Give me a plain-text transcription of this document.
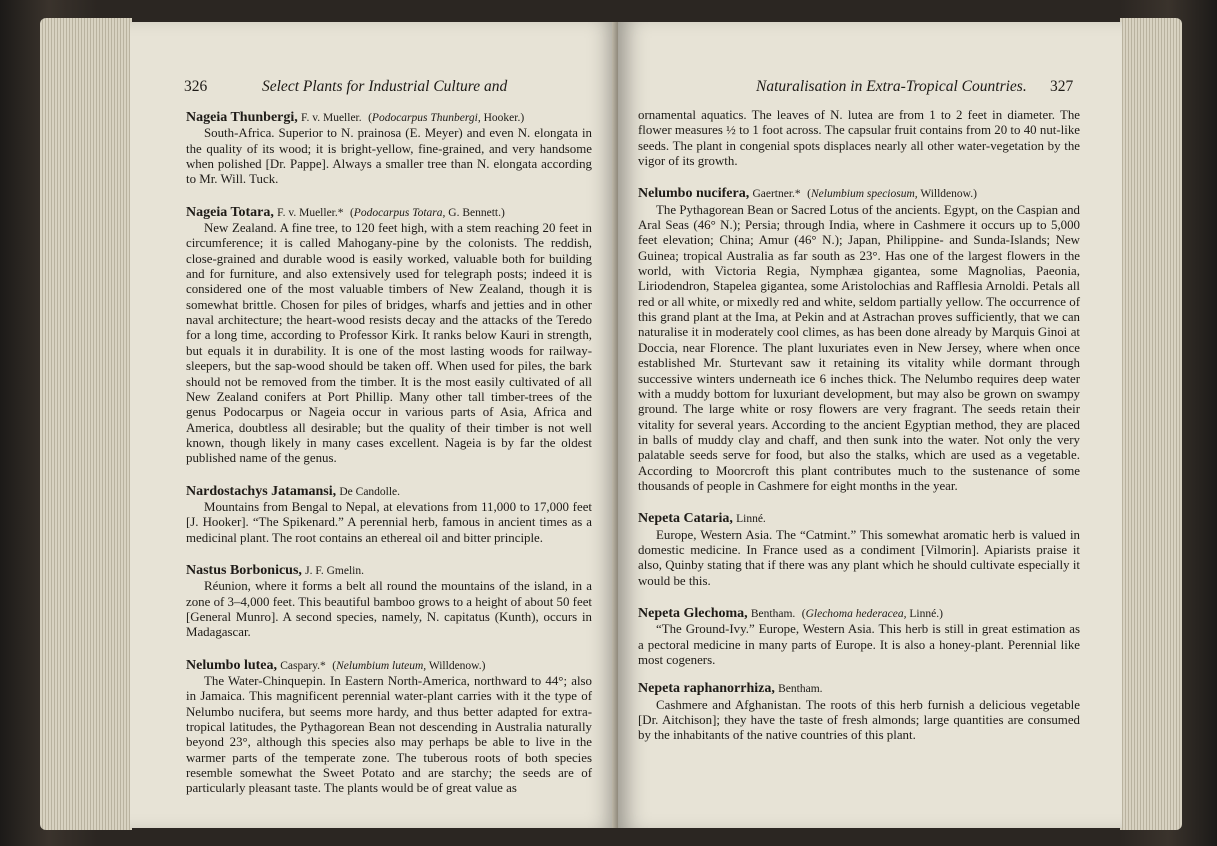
326	Select Plants for Industrial Culture and

Nageia Thunbergi, F. v. Mueller. (Podocarpus Thunbergi, Hooker.)

South-Africa. Superior to N. prainosa (E. Meyer) and even N. elongata in the quality of its wood; it is bright-yellow, fine-grained, and very handsome when polished [Dr. Pappe]. Always a smaller tree than N. elongata according to Mr. Will. Tuck.

Nageia Totara, F. v. Mueller.* (Podocarpus Totara, G. Bennett.)

New Zealand. A fine tree, to 120 feet high, with a stem reaching 20 feet in circumference; it is called Mahogany-pine by the colonists. The reddish, close-grained and durable wood is easily worked, valuable both for building and for furniture, and also extensively used for telegraph posts; indeed it is considered one of the most valuable timbers of New Zealand, though it is somewhat brittle. Chosen for piles of bridges, wharfs and jetties and in other naval architecture; the heart-wood resists decay and the attacks of the Teredo for a long time, according to Professor Kirk. It ranks below Kauri in strength, but equals it in durability. It is one of the most lasting woods for railway-sleepers, but the sap-wood should be taken off. When used for piles, the bark should not be removed from the timber. It is the most easily cultivated of all New Zealand conifers at Port Phillip. Many other tall timber-trees of the genus Podocarpus or Nageia occur in various parts of Asia, Africa and America, doubtless all desirable; but the quality of their timber is not well known, though likely in many cases excellent. Nageia is by far the oldest published name of the genus.

Nardostachys Jatamansi, De Candolle.

Mountains from Bengal to Nepal, at elevations from 11,000 to 17,000 feet [J. Hooker]. “The Spikenard.” A perennial herb, famous in ancient times as a medicinal plant. The root contains an ethereal oil and bitter principle.

Nastus Borbonicus, J. F. Gmelin.

Réunion, where it forms a belt all round the mountains of the island, in a zone of 3–4,000 feet. This beautiful bamboo grows to a height of about 50 feet [General Munro]. A second species, namely, N. capitatus (Kunth), occurs in Madagascar.

Nelumbo lutea, Caspary.* (Nelumbium luteum, Willdenow.)

The Water-Chinquepin. In Eastern North-America, northward to 44°; also in Jamaica. This magnificent perennial water-plant carries with it the type of Nelumbo nucifera, but seems more hardy, and thus better adapted for extra-tropical latitudes, the Pythagorean Bean not descending in Australia naturally beyond 23°, although this species also may perhaps be able to live in the warmer parts of the temperate zone. The tuberous roots of both species resemble somewhat the Sweet Potato and are starchy; the seeds are of particularly pleasant taste. The plants would be of great value as

Naturalisation in Extra-Tropical Countries. 327

ornamental aquatics. The leaves of N. lutea are from 1 to 2 feet in diameter. The flower measures ½ to 1 foot across. The capsular fruit contains from 20 to 40 nut-like seeds. The plant in congenial spots displaces nearly all other water-vegetation by the vigor of its growth.

Nelumbo nucifera, Gaertner.* (Nelumbium speciosum, Willdenow.)

The Pythagorean Bean or Sacred Lotus of the ancients. Egypt, on the Caspian and Aral Seas (46° N.); Persia; through India, where in Cashmere it occurs up to 5,000 feet elevation; China; Amur (46° N.); Japan, Philippine- and Sunda-Islands; New Guinea; tropical Australia as far south as 23°. Has one of the largest flowers in the world, with Victoria Regia, Nymphæa gigantea, some Magnolias, Paeonia, Liriodendron, Stapelea gigantea, some Aristolochias and Rafflesia Arnoldi. Petals all red or all white, or mixedly red and white, seldom partially yellow. The occurrence of this grand plant at the Ima, at Pekin and at Astrachan proves sufficiently, that we can naturalise it in moderately cool climes, as has been done already by Marquis Ginoi at Doccia, near Florence. The plant luxuriates even in New Jersey, where when once established Mr. Sturtevant saw it retaining its vitality while dormant through successive winters underneath ice 6 inches thick. The Nelumbo requires deep water with a muddy bottom for luxuriant development, but may also be grown on swampy ground. The large white or rosy flowers are very fragrant. The seeds retain their vitality for several years. According to the ancient Egyptian method, they are placed in balls of muddy clay and chaff, and then sunk into the water. Not only the very palatable seeds serve for food, but also the stalks, which are used as a vegetable. According to Moorcroft this plant contributes much to the sustenance of some thousands of people in Cashmere for eight months in the year.

Nepeta Cataria, Linné.

Europe, Western Asia. The “Catmint.” This somewhat aromatic herb is valued in domestic medicine. In France used as a condiment [Vilmorin]. Apiarists praise it also, Quinby stating that if there was any plant which he should cultivate especially it would be this.

Nepeta Glechoma, Bentham. (Glechoma hederacea, Linné.)

“The Ground-Ivy.” Europe, Western Asia. This herb is still in great estimation as a pectoral medicine in many parts of Europe. It is also a honey-plant. Perennial like most cogeners.

Nepeta raphanorrhiza, Bentham.

Cashmere and Afghanistan. The roots of this herb furnish a delicious vegetable [Dr. Aitchison]; they have the taste of fresh almonds; large quantities are consumed by the inhabitants of the native countries of this plant.
